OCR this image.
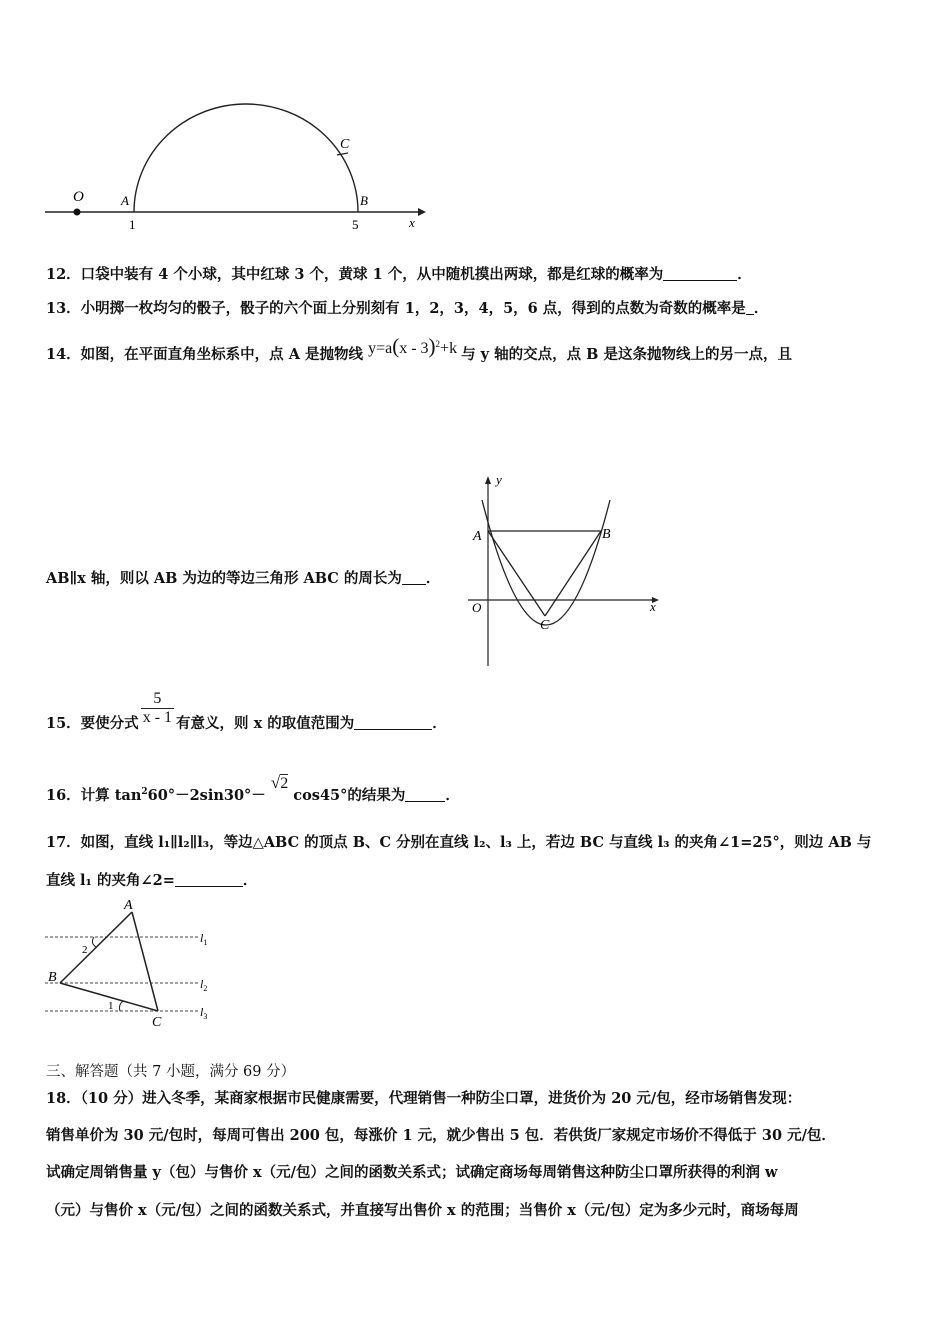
O	A	B
C
1	5	x
12．口袋中装有 4 个小球，其中红球 3 个，黄球 1 个，从中随机摸出两球，都是红球的概率为	．
13．小明掷一枚均匀的骰子，骰子的六个面上分别刻有 1，2，3，4，5，6 点，得到的点数为奇数的概率是 ．
14．如图，在平面直角坐标系中，点 A 是抛物线 y=a(x - 3)$^2$+k 与 y 轴的交点，点 B 是这条抛物线上的另一点，且
AB∥x 轴，则以 AB 为边的等边三角形 ABC 的周长为 ．
A	B
C
O	x
y
15．要使分式 $\frac{5}{x - 1}$ 有意义，则 x 的取值范围为	．
16．计算 $\tan^260^\circ-2\sin 30^\circ- √2$ cos45°的结果为	．
17．如图，直线 l₁∥l₂∥l₃，等边△ABC 的顶点 B、C 分别在直线 l₂、l₃ 上，若边 BC 与直线 l₃ 的夹角∠1=25°，则边 AB 与
直线 l₁ 的夹角∠2=	．
A
B
C
2
1
$l_1$
$l_2$
$l_3$
三、解答题（共 7 小题，满分 69 分）
18．（10 分）进入冬季，某商家根据市民健康需要，代理销售一种防尘口罩，进货价为 20 元/包，经市场销售发现：
销售单价为 30 元/包时，每周可售出 200 包，每涨价 1 元，就少售出 5 包．若供货厂家规定市场价不得低于 30 元/包．
试确定周销售量 y（包）与售价 x（元/包）之间的函数关系式；试确定商场每周销售这种防尘口罩所获得的利润 w
（元）与售价 x（元/包）之间的函数关系式，并直接写出售价 x 的范围；当售价 x（元/包）定为多少元时，商场每周
